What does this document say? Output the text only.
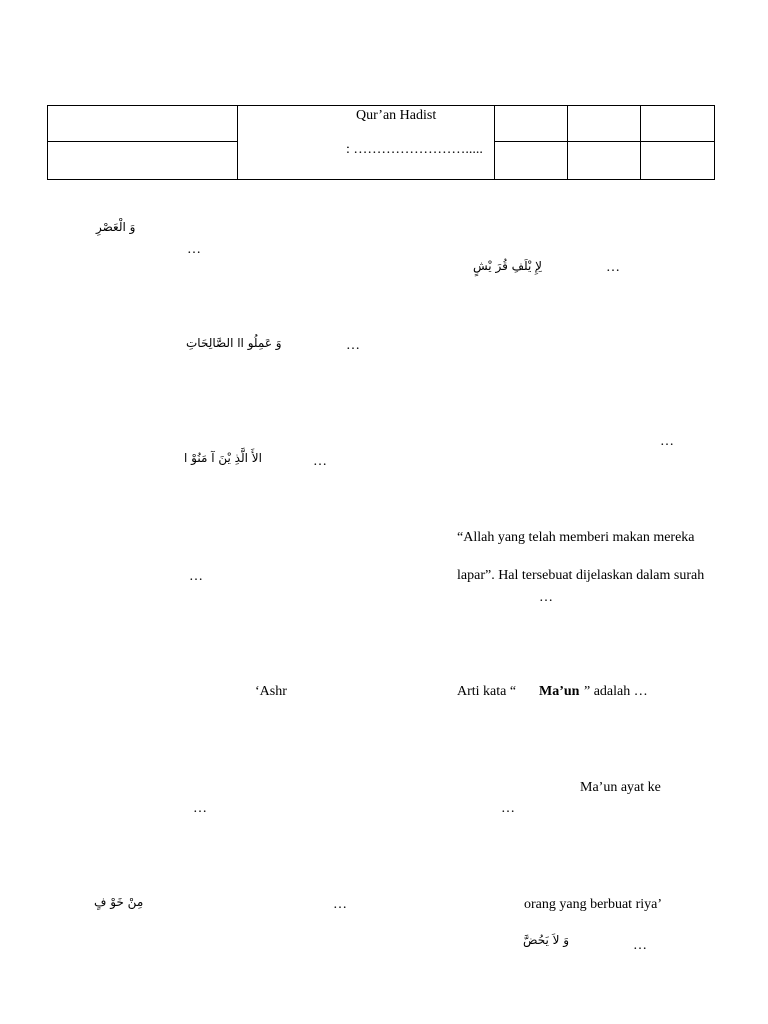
	Qur’an Hadist
: …………………….....			

وَ الْعَصْرِ
…
لِإِ يْلَفِ قُرَ يْشٍ	…
وَ عَمِلُو اا الصَّالِحَاتِ	…
…
الأَ الَّذِ يْنَ آ مَنُوْ ا	…
“Allah yang telah memberi makan mereka
…	lapar”. Hal tersebuat dijelaskan dalam surah
…
‘Ashr	Arti kata “ Ma’un ” adalah …
Ma’un ayat ke
…	…
مِنْ خَوْ فٍ	…	orang yang berbuat riya’
وَ لاَ يَحُضَّ	…
